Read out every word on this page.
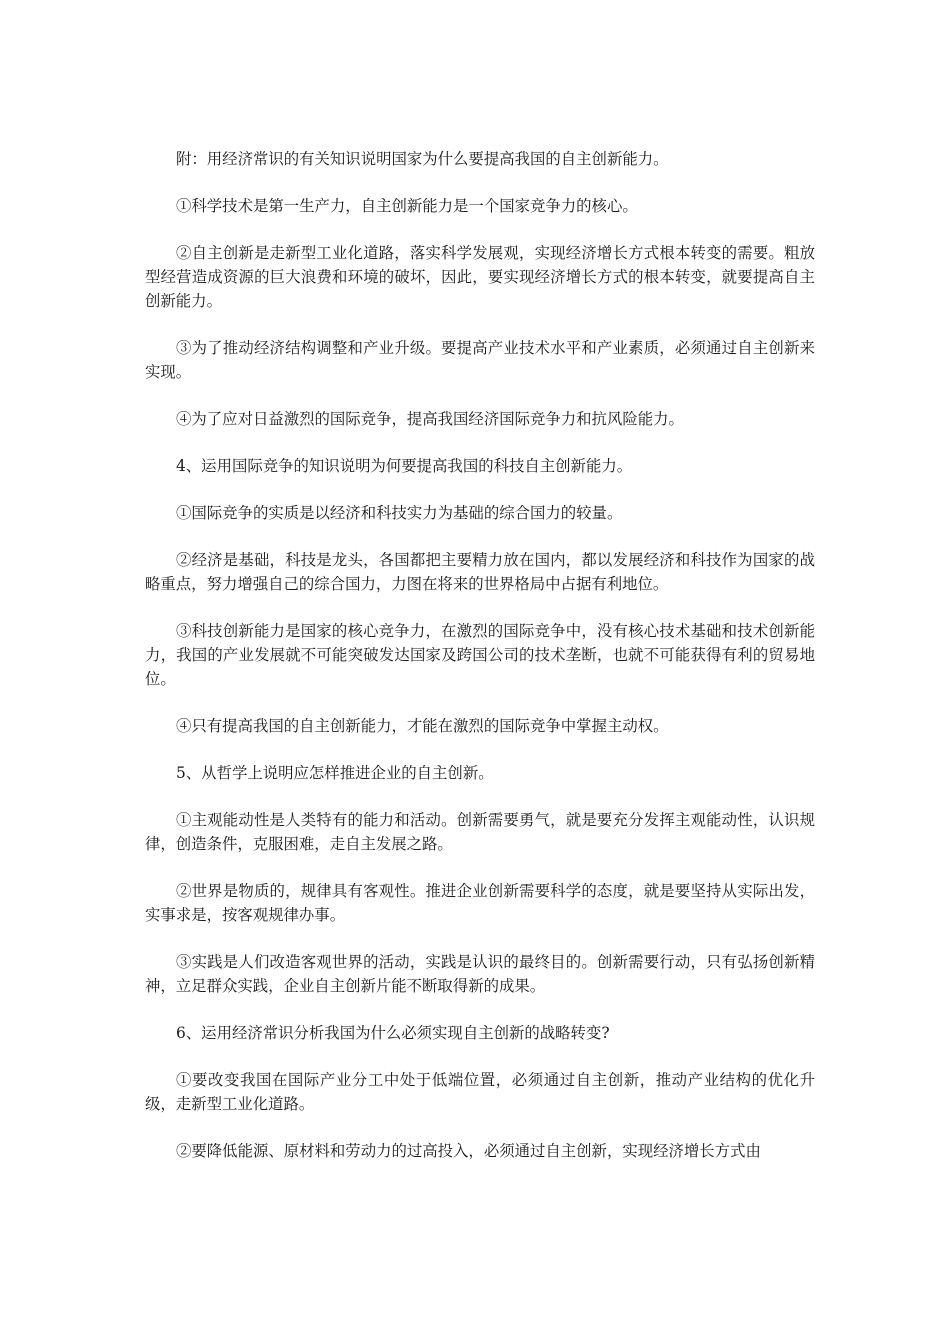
附：用经济常识的有关知识说明国家为什么要提高我国的自主创新能力。

①科学技术是第一生产力，自主创新能力是一个国家竞争力的核心。

②自主创新是走新型工业化道路，落实科学发展观，实现经济增长方式根本转变的需要。粗放型经营造成资源的巨大浪费和环境的破坏，因此，要实现经济增长方式的根本转变，就要提高自主创新能力。

③为了推动经济结构调整和产业升级。要提高产业技术水平和产业素质，必须通过自主创新来实现。

④为了应对日益激烈的国际竞争，提高我国经济国际竞争力和抗风险能力。

4、运用国际竞争的知识说明为何要提高我国的科技自主创新能力。

①国际竞争的实质是以经济和科技实力为基础的综合国力的较量。

②经济是基础，科技是龙头，各国都把主要精力放在国内，都以发展经济和科技作为国家的战略重点，努力增强自己的综合国力，力图在将来的世界格局中占据有利地位。

③科技创新能力是国家的核心竞争力，在激烈的国际竞争中，没有核心技术基础和技术创新能力，我国的产业发展就不可能突破发达国家及跨国公司的技术垄断，也就不可能获得有利的贸易地位。

④只有提高我国的自主创新能力，才能在激烈的国际竞争中掌握主动权。

5、从哲学上说明应怎样推进企业的自主创新。

①主观能动性是人类特有的能力和活动。创新需要勇气，就是要充分发挥主观能动性，认识规律，创造条件，克服困难，走自主发展之路。

②世界是物质的，规律具有客观性。推进企业创新需要科学的态度，就是要坚持从实际出发，实事求是，按客观规律办事。

③实践是人们改造客观世界的活动，实践是认识的最终目的。创新需要行动，只有弘扬创新精神，立足群众实践，企业自主创新片能不断取得新的成果。

6、运用经济常识分析我国为什么必须实现自主创新的战略转变?

①要改变我国在国际产业分工中处于低端位置，必须通过自主创新，推动产业结构的优化升级，走新型工业化道路。

②要降低能源、原材料和劳动力的过高投入，必须通过自主创新，实现经济增长方式由
